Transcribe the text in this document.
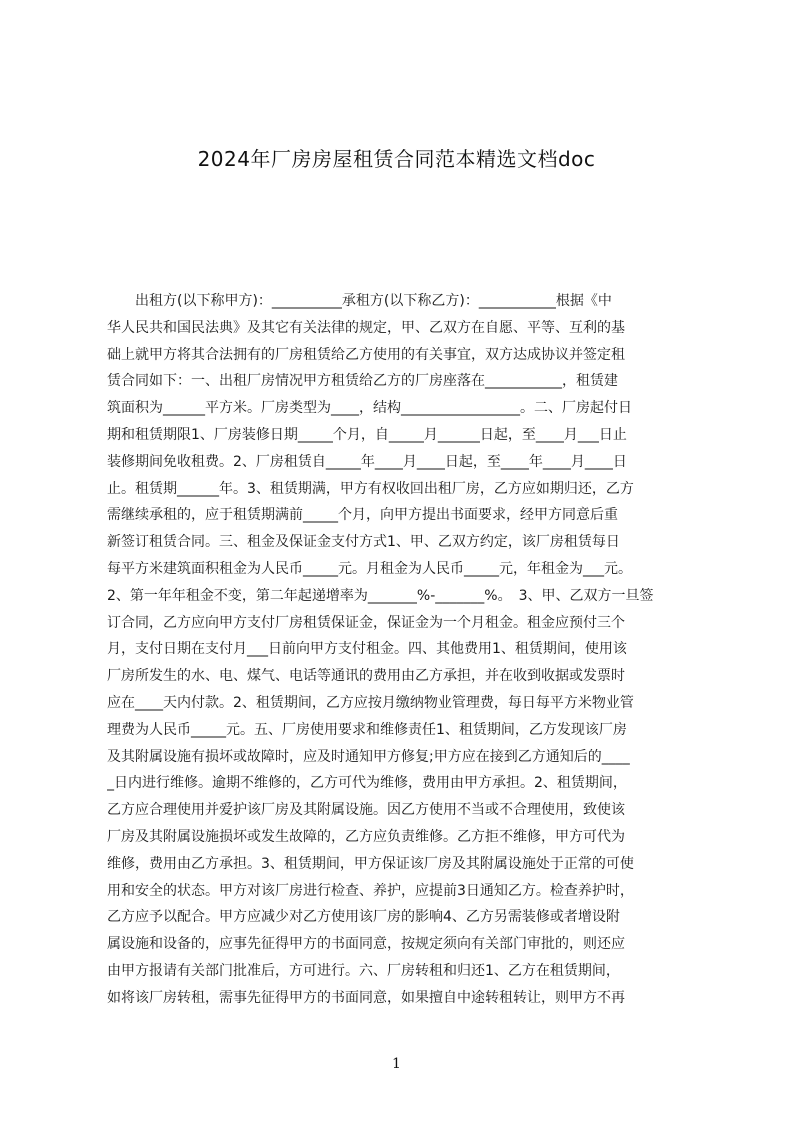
2024年厂房房屋租赁合同范本精选文档doc
　　出租方(以下称甲方)：__________承租方(以下称乙方)：___________根据《中
华人民共和国民法典》及其它有关法律的规定，甲、乙双方在自愿、平等、互利的基
础上就甲方将其合法拥有的厂房租赁给乙方使用的有关事宜，双方达成协议并签定租
赁合同如下：一、出租厂房情况甲方租赁给乙方的厂房座落在___________，租赁建
筑面积为______平方米。厂房类型为____，结构_________________。二、厂房起付日
期和租赁期限1、厂房装修日期_____个月，自_____月______日起，至____月___日止
装修期间免收租费。2、厂房租赁自_____年____月____日起，至____年____月____日
止。租赁期______年。3、租赁期满，甲方有权收回出租厂房，乙方应如期归还，乙方
需继续承租的，应于租赁期满前_____个月，向甲方提出书面要求，经甲方同意后重
新签订租赁合同。三、租金及保证金支付方式1、甲、乙双方约定，该厂房租赁每日
每平方米建筑面积租金为人民币_____元。月租金为人民币_____元，年租金为___元。
2、第一年年租金不变，第二年起递增率为_______%-_______%。　3、甲、乙双方一旦签
订合同，乙方应向甲方支付厂房租赁保证金，保证金为一个月租金。租金应预付三个
月，支付日期在支付月___日前向甲方支付租金。四、其他费用1、租赁期间，使用该
厂房所发生的水、电、煤气、电话等通讯的费用由乙方承担，并在收到收据或发票时
应在____天内付款。2、租赁期间，乙方应按月缴纳物业管理费，每日每平方米物业管
理费为人民币_____元。五、厂房使用要求和维修责任1、租赁期间，乙方发现该厂房
及其附属设施有损坏或故障时，应及时通知甲方修复;甲方应在接到乙方通知后的____
_日内进行维修。逾期不维修的，乙方可代为维修，费用由甲方承担。2、租赁期间，
乙方应合理使用并爱护该厂房及其附属设施。因乙方使用不当或不合理使用，致使该
厂房及其附属设施损坏或发生故障的，乙方应负责维修。乙方拒不维修，甲方可代为
维修，费用由乙方承担。3、租赁期间，甲方保证该厂房及其附属设施处于正常的可使
用和安全的状态。甲方对该厂房进行检查、养护，应提前3日通知乙方。检查养护时，
乙方应予以配合。甲方应减少对乙方使用该厂房的影响4、乙方另需装修或者增设附
属设施和设备的，应事先征得甲方的书面同意，按规定须向有关部门审批的，则还应
由甲方报请有关部门批准后，方可进行。六、厂房转租和归还1、乙方在租赁期间，
如将该厂房转租，需事先征得甲方的书面同意，如果擅自中途转租转让，则甲方不再
1
